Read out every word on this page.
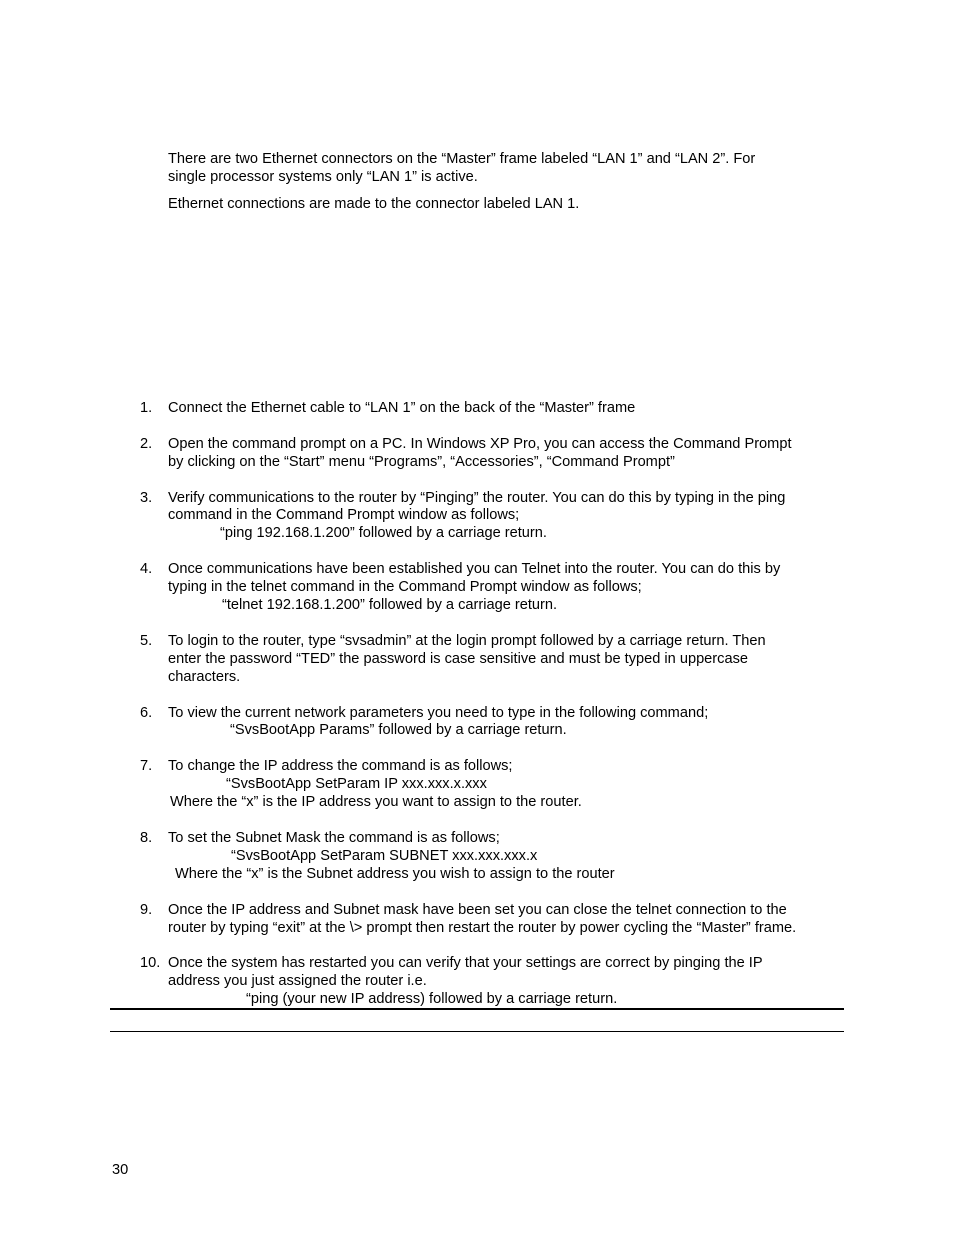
There are two Ethernet connectors on the “Master” frame labeled “LAN 1” and “LAN 2”. For
single processor systems only “LAN 1” is active.
Ethernet connections are made to the connector labeled LAN 1.
1. Connect the Ethernet cable to “LAN 1” on the back of the “Master” frame
2. Open the command prompt on a PC. In Windows XP Pro, you can access the Command Prompt
by clicking on the “Start” menu “Programs”, “Accessories”, “Command Prompt”
3. Verify communications to the router by “Pinging” the router. You can do this by typing in the ping
command in the Command Prompt window as follows;
“ping 192.168.1.200” followed by a carriage return.
4. Once communications have been established you can Telnet into the router. You can do this by
typing in the telnet command in the Command Prompt window as follows;
“telnet 192.168.1.200” followed by a carriage return.
5. To login to the router, type “svsadmin” at the login prompt followed by a carriage return. Then
enter the password “TED” the password is case sensitive and must be typed in uppercase
characters.
6. To view the current network parameters you need to type in the following command;
“SvsBootApp Params” followed by a carriage return.
7. To change the IP address the command is as follows;
“SvsBootApp SetParam IP xxx.xxx.x.xxx
Where the “x” is the IP address you want to assign to the router.
8. To set the Subnet Mask the command is as follows;
“SvsBootApp SetParam SUBNET xxx.xxx.xxx.x
Where the “x” is the Subnet address you wish to assign to the router
9. Once the IP address and Subnet mask have been set you can close the telnet connection to the
router by typing “exit” at the \> prompt then restart the router by power cycling the “Master” frame.
10. Once the system has restarted you can verify that your settings are correct by pinging the IP
address you just assigned the router i.e.
“ping (your new IP address) followed by a carriage return.
30
